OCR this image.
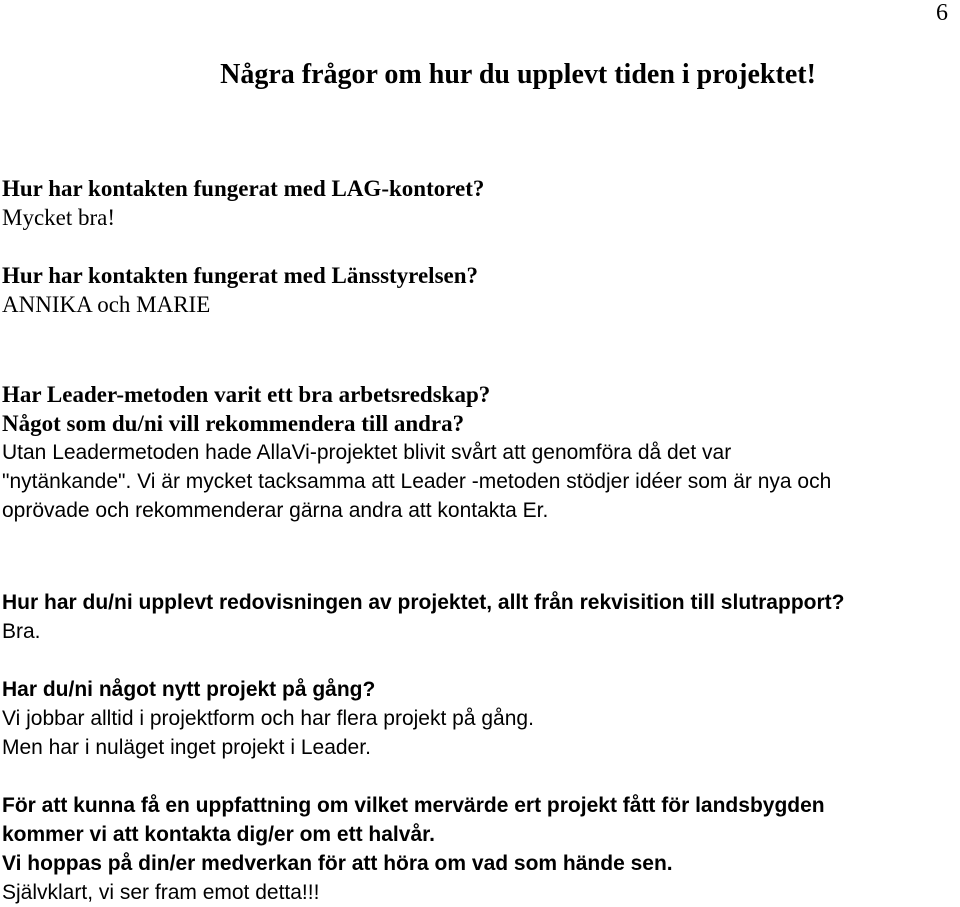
6
Några frågor om hur du upplevt tiden i projektet!
Hur har kontakten fungerat med LAG-kontoret?
Mycket bra!
Hur har kontakten fungerat med Länsstyrelsen?
ANNIKA och MARIE
Har Leader-metoden varit ett bra arbetsredskap?
Något som du/ni vill rekommendera till andra?
Utan Leadermetoden hade AllaVi-projektet blivit svårt att genomföra då det var
"nytänkande". Vi är mycket tacksamma att Leader -metoden stödjer idéer som är nya och
oprövade och rekommenderar gärna andra att kontakta Er.
Hur har du/ni upplevt redovisningen av projektet, allt från rekvisition till slutrapport?
Bra.
Har du/ni något nytt projekt på gång?
Vi jobbar alltid i projektform och har flera projekt på gång.
Men har i nuläget inget projekt i Leader.
För att kunna få en uppfattning om vilket mervärde ert projekt fått för landsbygden
kommer vi att kontakta dig/er om ett halvår.
Vi hoppas på din/er medverkan för att höra om vad som hände sen.
Självklart, vi ser fram emot detta!!!
